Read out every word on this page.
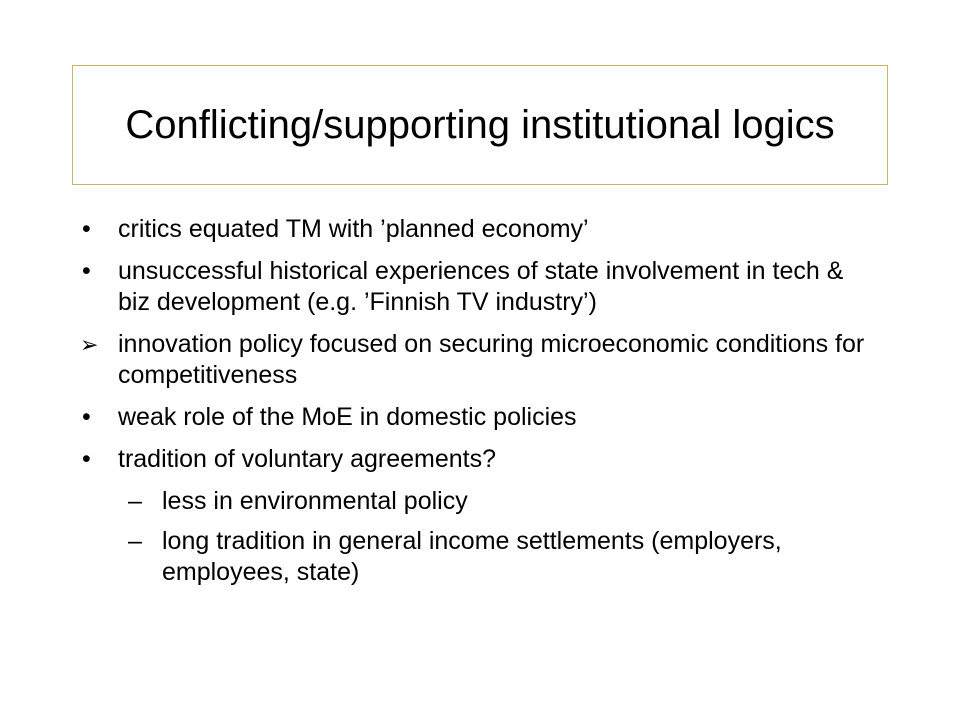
Conflicting/supporting institutional logics
• critics equated TM with ’planned economy’
• unsuccessful historical experiences of state involvement in tech & biz development (e.g. ’Finnish TV industry’)
➢ innovation policy focused on securing microeconomic conditions for competitiveness
• weak role of the MoE in domestic policies
• tradition of voluntary agreements?
– less in environmental policy
– long tradition in general income settlements (employers, employees, state)
